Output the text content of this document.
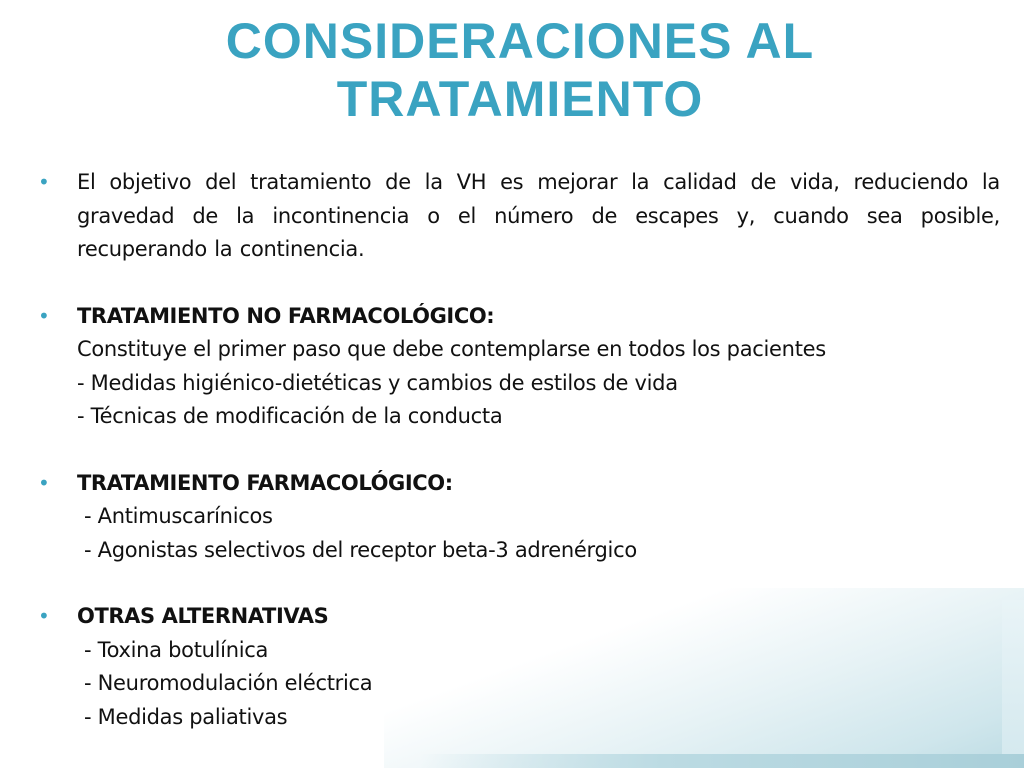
CONSIDERACIONES AL
TRATAMIENTO
• El objetivo del tratamiento de la VH es mejorar la calidad de vida, reduciendo la gravedad de la incontinencia o el número de escapes y, cuando sea posible, recuperando la continencia.
• TRATAMIENTO NO FARMACOLÓGICO:
Constituye el primer paso que debe contemplarse en todos los pacientes
- Medidas higiénico-dietéticas y cambios de estilos de vida
- Técnicas de modificación de la conducta
• TRATAMIENTO FARMACOLÓGICO:
- Antimuscarínicos
- Agonistas selectivos del receptor beta-3 adrenérgico
• OTRAS ALTERNATIVAS
- Toxina botulínica
- Neuromodulación eléctrica
- Medidas paliativas
